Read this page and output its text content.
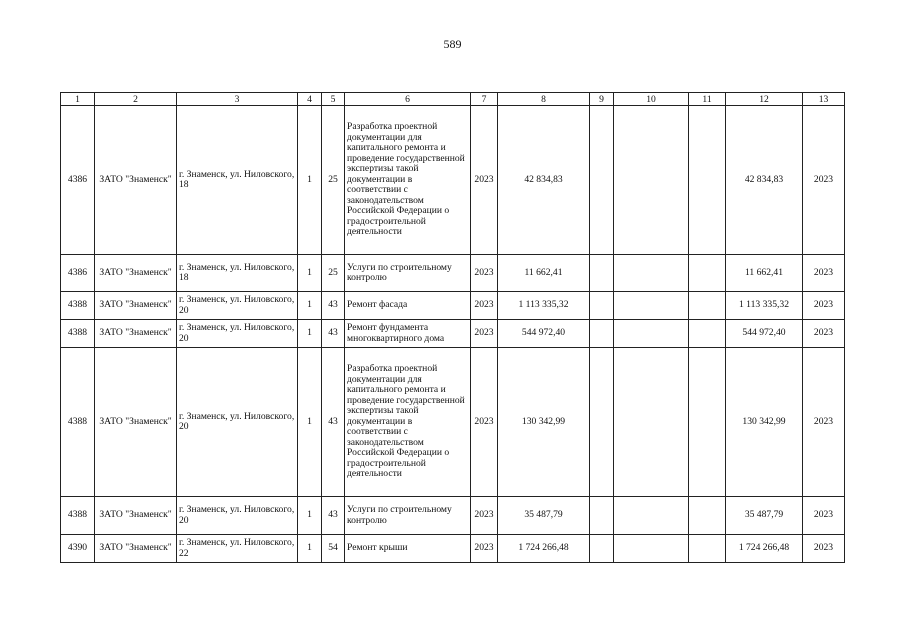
589
1	2	3	4	5	6	7	8	9	10	11	12	13
4386	ЗАТО "Знаменск"	г. Знаменск, ул. Ниловского, 18	1	25	Разработка проектной документации для капитального ремонта и проведение государственной экспертизы такой документации в соответствии с законодательством Российской Федерации о градостроительной деятельности	2023	42 834,83				42 834,83	2023
4386	ЗАТО "Знаменск"	г. Знаменск, ул. Ниловского, 18	1	25	Услуги по строительному контролю	2023	11 662,41				11 662,41	2023
4388	ЗАТО "Знаменск"	г. Знаменск, ул. Ниловского, 20	1	43	Ремонт фасада	2023	1 113 335,32				1 113 335,32	2023
4388	ЗАТО "Знаменск"	г. Знаменск, ул. Ниловского, 20	1	43	Ремонт фундамента многоквартирного дома	2023	544 972,40				544 972,40	2023
4388	ЗАТО "Знаменск"	г. Знаменск, ул. Ниловского, 20	1	43	Разработка проектной документации для капитального ремонта и проведение государственной экспертизы такой документации в соответствии с законодательством Российской Федерации о градостроительной деятельности	2023	130 342,99				130 342,99	2023
4388	ЗАТО "Знаменск"	г. Знаменск, ул. Ниловского, 20	1	43	Услуги по строительному контролю	2023	35 487,79				35 487,79	2023
4390	ЗАТО "Знаменск"	г. Знаменск, ул. Ниловского, 22	1	54	Ремонт крыши	2023	1 724 266,48				1 724 266,48	2023
